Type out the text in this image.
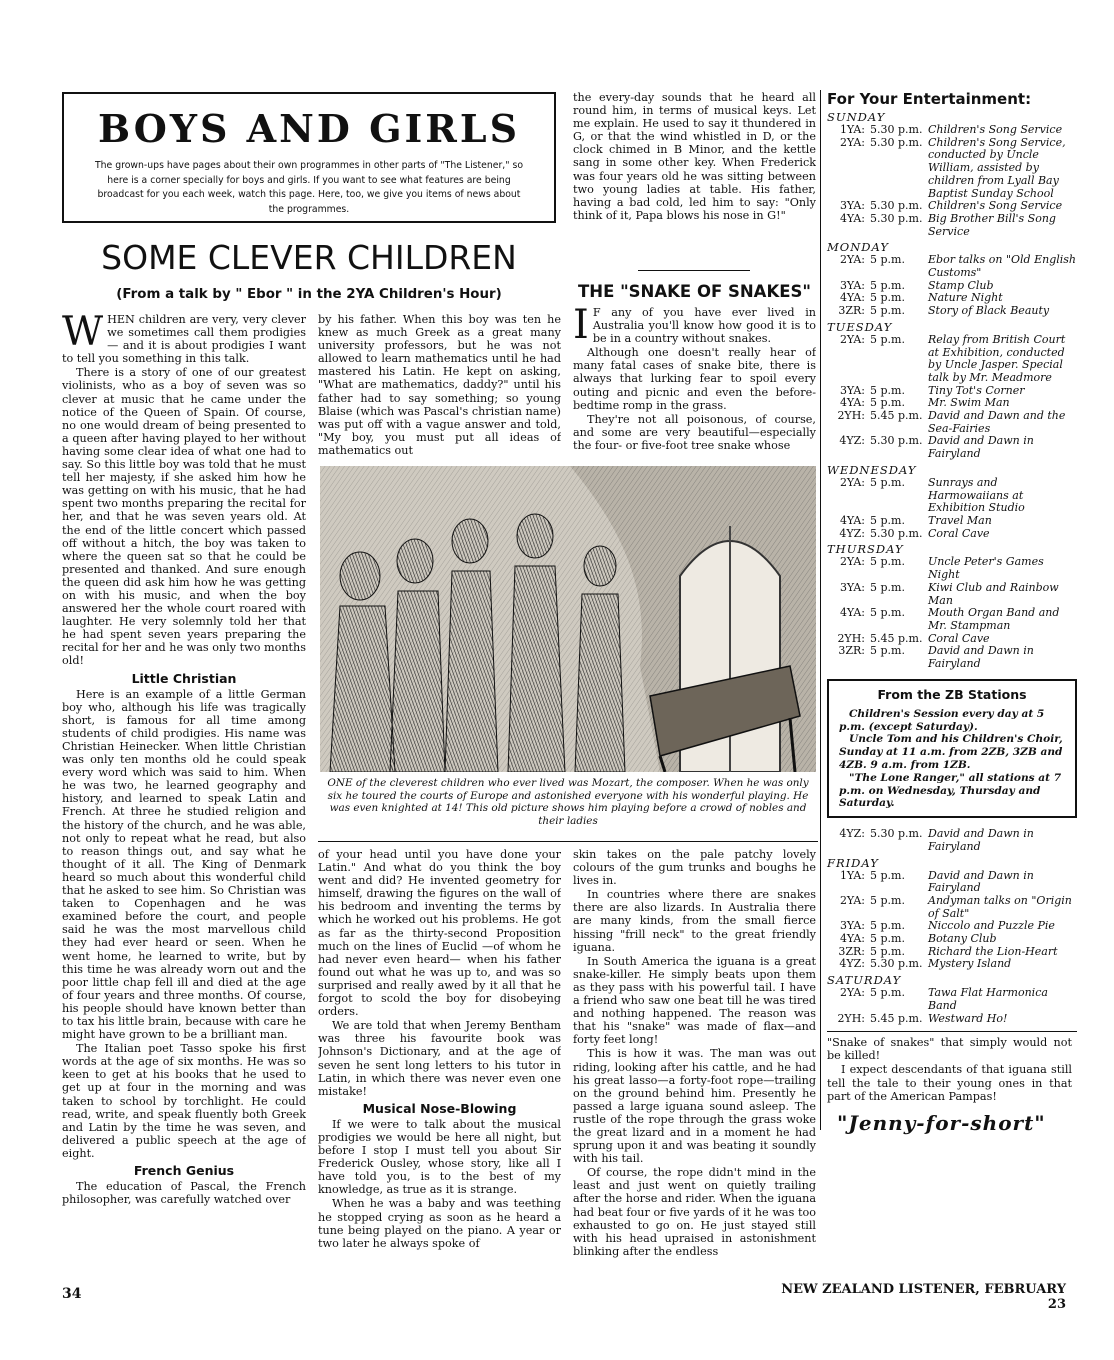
BOYS AND GIRLS
The grown-ups have pages about their own programmes in other parts of "The Listener," so here is a corner specially for boys and girls. If you want to see what features are being broadcast for you each week, watch this page. Here, too, we give you items of news about the programmes.
SOME CLEVER CHILDREN
(From a talk by " Ebor " in the 2YA Children's Hour)

WHEN children are very, very clever we sometimes call them prodigies — and it is about prodigies I want to tell you something in this talk.

There is a story of one of our greatest violinists, who as a boy of seven was so clever at music that he came under the notice of the Queen of Spain. Of course, no one would dream of being presented to a queen after having played to her without having some clear idea of what one had to say. So this little boy was told that he must tell her majesty, if she asked him how he was getting on with his music, that he had spent two months preparing the recital for her, and that he was seven years old. At the end of the little concert which passed off without a hitch, the boy was taken to where the queen sat so that he could be presented and thanked. And sure enough the queen did ask him how he was getting on with his music, and when the boy answered her the whole court roared with laughter. He very solemnly told her that he had spent seven years preparing the recital for her and he was only two months old!

Little Christian

Here is an example of a little German boy who, although his life was tragically short, is famous for all time among students of child prodigies. His name was Christian Heinecker. When little Christian was only ten months old he could speak every word which was said to him. When he was two, he learned geography and history, and learned to speak Latin and French. At three he studied religion and the history of the church, and he was able, not only to repeat what he read, but also to reason things out, and say what he thought of it all. The King of Denmark heard so much about this wonderful child that he asked to see him. So Christian was taken to Copenhagen and he was examined before the court, and people said he was the most marvellous child they had ever heard or seen. When he went home, he learned to write, but by this time he was already worn out and the poor little chap fell ill and died at the age of four years and three months. Of course, his people should have known better than to tax his little brain, because with care he might have grown to be a brilliant man.

The Italian poet Tasso spoke his first words at the age of six months. He was so keen to get at his books that he used to get up at four in the morning and was taken to school by torchlight. He could read, write, and speak fluently both Greek and Latin by the time he was seven, and delivered a public speech at the age of eight.

French Genius

The education of Pascal, the French philosopher, was carefully watched over

by his father. When this boy was ten he knew as much Greek as a great many university professors, but he was not allowed to learn mathematics until he had mastered his Latin. He kept on asking, "What are mathematics, daddy?" until his father had to say something; so young Blaise (which was Pascal's christian name) was put off with a vague answer and told, "My boy, you must put all ideas of mathematics out

the every-day sounds that he heard all round him, in terms of musical keys. Let me explain. He used to say it thundered in G, or that the wind whistled in D, or the clock chimed in B Minor, and the kettle sang in some other key. When Frederick was four years old he was sitting between two young ladies at table. His father, having a bad cold, led him to say: "Only think of it, Papa blows his nose in G!"

THE "SNAKE OF SNAKES"

I F any of you have ever lived in Australia you'll know how good it is to be in a country without snakes.

Although one doesn't really hear of many fatal cases of snake bite, there is always that lurking fear to spoil every outing and picnic and even the before-bedtime romp in the grass.

They're not all poisonous, of course, and some are very beautiful—especially the four- or five-foot tree snake whose

ONE of the cleverest children who ever lived was Mozart, the composer. When he was only six he toured the courts of Europe and astonished everyone with his wonderful playing. He was even knighted at 14! This old picture shows him playing before a crowd of nobles and their ladies

of your head until you have done your Latin." And what do you think the boy went and did? He invented geometry for himself, drawing the figures on the wall of his bedroom and inventing the terms by which he worked out his problems. He got as far as the thirty-second Proposition much on the lines of Euclid —of whom he had never even heard— when his father found out what he was up to, and was so surprised and really awed by it all that he forgot to scold the boy for disobeying orders.

We are told that when Jeremy Bentham was three his favourite book was Johnson's Dictionary, and at the age of seven he sent long letters to his tutor in Latin, in which there was never even one mistake!

Musical Nose-Blowing

If we were to talk about the musical prodigies we would be here all night, but before I stop I must tell you about Sir Frederick Ousley, whose story, like all I have told you, is to the best of my knowledge, as true as it is strange.

When he was a baby and was teething he stopped crying as soon as he heard a tune being played on the piano. A year or two later he always spoke of

skin takes on the pale patchy lovely colours of the gum trunks and boughs he lives in.

In countries where there are snakes there are also lizards. In Australia there are many kinds, from the small fierce hissing "frill neck" to the great friendly iguana.

In South America the iguana is a great snake-killer. He simply beats upon them as they pass with his powerful tail. I have a friend who saw one beat till he was tired and nothing happened. The reason was that his "snake" was made of flax—and forty feet long!

This is how it was. The man was out riding, looking after his cattle, and he had his great lasso—a forty-foot rope—trailing on the ground behind him. Presently he passed a large iguana sound asleep. The rustle of the rope through the grass woke the great lizard and in a moment he had sprung upon it and was beating it soundly with his tail.

Of course, the rope didn't mind in the least and just went on quietly trailing after the horse and rider. When the iguana had beat four or five yards of it he was too exhausted to go on. He just stayed still with his head upraised in astonishment blinking after the endless

For Your Entertainment:
SUNDAY
1YA: 5.30 p.m. Children's Song Service
2YA: 5.30 p.m. Children's Song Service, conducted by Uncle William, assisted by children from Lyall Bay Baptist Sunday School
3YA: 5.30 p.m. Children's Song Service
4YA: 5.30 p.m. Big Brother Bill's Song Service
MONDAY
2YA: 5 p.m.	Ebor talks on "Old English Customs"
3YA: 5 p.m.	Stamp Club
4YA: 5 p.m.	Nature Night
3ZR: 5 p.m.	Story of Black Beauty
TUESDAY
2YA: 5 p.m.	Relay from British Court at Exhibition, conducted by Uncle Jasper. Special talk by Mr. Meadmore
3YA: 5 p.m.	Tiny Tot's Corner
4YA: 5 p.m.	Mr. Swim Man
2YH: 5.45 p.m. David and Dawn and the Sea-Fairies
4YZ: 5.30 p.m. David and Dawn in Fairyland
WEDNESDAY
2YA: 5 p.m.	Sunrays and Harmowaiians at Exhibition Studio
4YA: 5 p.m.	Travel Man
4YZ: 5.30 p.m. Coral Cave
THURSDAY
2YA: 5 p.m.	Uncle Peter's Games Night
3YA: 5 p.m.	Kiwi Club and Rainbow Man
4YA: 5 p.m.	Mouth Organ Band and Mr. Stampman
2YH: 5.45 p.m. Coral Cave
3ZR: 5 p.m.	David and Dawn in Fairyland
From the ZB Stations

Children's Session every day at 5 p.m. (except Saturday).

Uncle Tom and his Children's Choir, Sunday at 11 a.m. from 2ZB, 3ZB and 4ZB. 9 a.m. from 1ZB.

"The Lone Ranger," all stations at 7 p.m. on Wednesday, Thursday and Saturday.

4YZ: 5.30 p.m. David and Dawn in Fairyland
FRIDAY
1YA: 5 p.m.	David and Dawn in Fairyland
2YA: 5 p.m.	Andyman talks on "Origin of Salt"
3YA: 5 p.m.	Niccolo and Puzzle Pie
4YA: 5 p.m.	Botany Club
3ZR: 5 p.m.	Richard the Lion-Heart
4YZ: 5.30 p.m. Mystery Island
SATURDAY
2YA: 5 p.m.	Tawa Flat Harmonica Band
2YH: 5.45 p.m. Westward Ho!

"Snake of snakes" that simply would not be killed!

I expect descendants of that iguana still tell the tale to their young ones in that part of the American Pampas!

"Jenny-for-short"
34	NEW ZEALAND LISTENER, FEBRUARY 23
